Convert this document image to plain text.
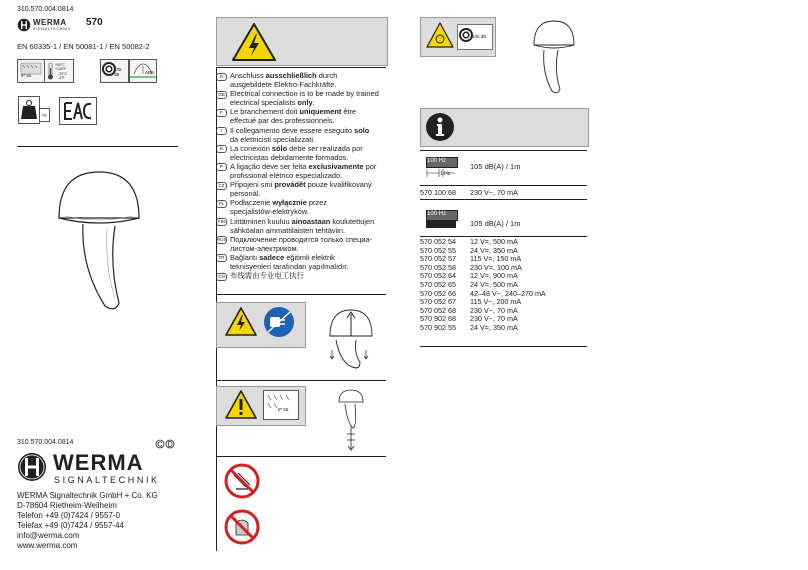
310.570.004.0814
WERMA
SIGNALTECHNIK
570
EN 60335-1 / EN 50081-1 / EN 50082-2
IP 55
+50°C +140°F
-20°C -4°F
105 dB	ABS
kg
310.570.004.0814
WERMA
SIGNALTECHNIK
WERMA Signaltechnik GmbH + Co. KG
D-78604 Rietheim-Weilheim
Telefon +49 (0)7424 / 9557-0
Telefax +49 (0)7424 / 9557-44
info@werma.com
www.werma.com
D Anschluss ausschließlich durch
ausgebildete Elektro-Fachkräfte.
GB Electrical connection is to be made by trained
electrical specialists only.
F Le branchement doit uniquement être
effectué par des professionnels.
I	Il collegamento deve essere eseguito solo
da elettricisti specializzati.
E La conexión sólo debe ser realizada por
electricistas debidamente formados.
P A ligação deve ser feita exclusivamente por
profissional elétrico especializado.
CZ Připojeni smi provádět pouze kvalifikovaný
personál.
PL Podłączenie wyłącznie przez
specjalistów-elektryków.
FIN Liittäminen kuuluu ainoastaan koulutettujen
sähköalan ammattilaisten tehtäviin.
RUS Подключение проводится только специа-
листом-электриком.
TR Bağlantı sadece eğitimli elektrik
teknisyenleri tarafından yapılmalıdır.
CN 布线需由专业电工执行
IP 55
105 dB
100 Hz
1 Hz
105 dB(A) / 1m
570 100 68	230 V~, 70 mA
100 Hz
105 dB(A) / 1m
570 052 54	12 V=, 500 mA
570 052 55	24 V=, 350 mA
570 052 57	115 V=, 150 mA
570 052 58	230 V=, 100 mA
570 052 64	12 V=, 900 mA
570 052 65	24 V=, 500 mA
570 052 66	42–48 V~, 240–270 mA
570 052 67	115 V~, 200 mA
570 052 68	230 V~, 70 mA
570 902 68	230 V~, 70 mA
570 902 55	24 V=, 350 mA
